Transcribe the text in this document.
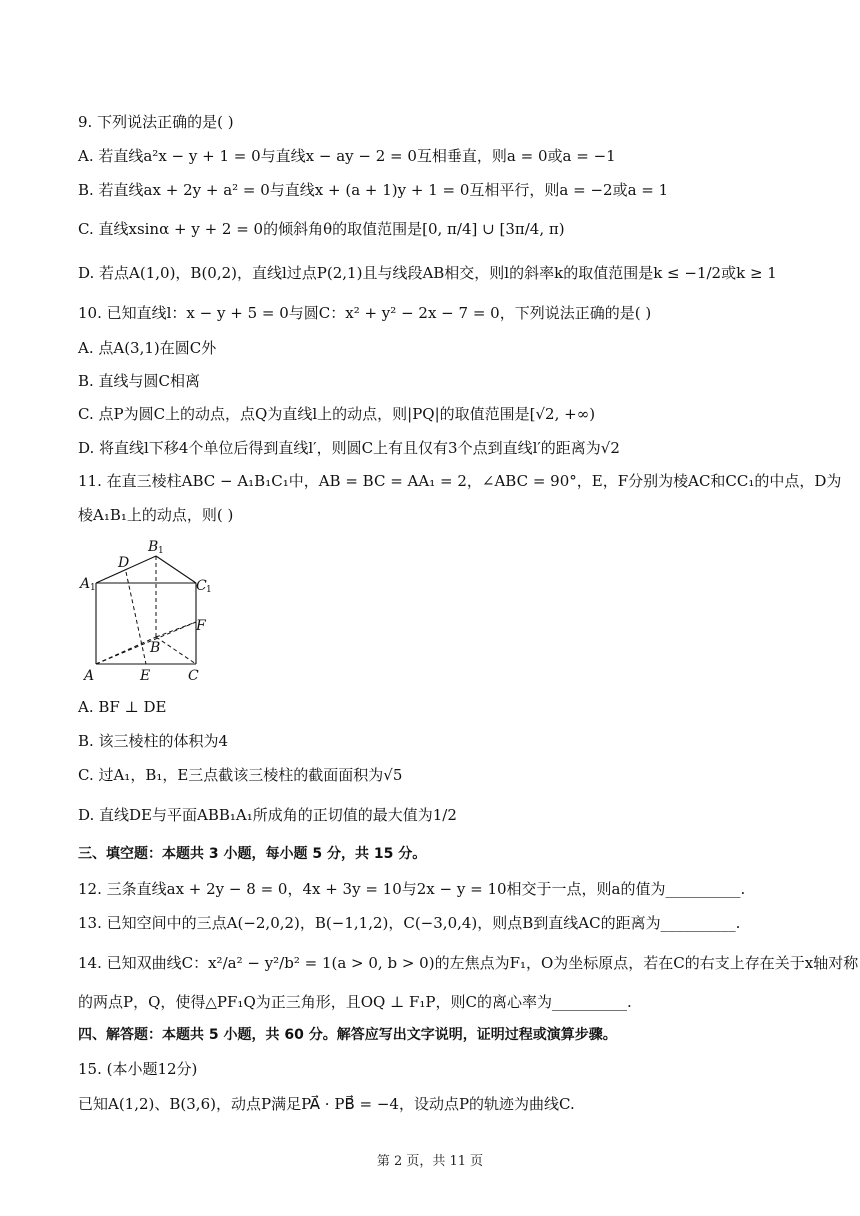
9. 下列说法正确的是( )
A. 若直线a²x − y + 1 = 0与直线x − ay − 2 = 0互相垂直，则a = 0或a = −1
B. 若直线ax + 2y + a² = 0与直线x + (a + 1)y + 1 = 0互相平行，则a = −2或a = 1
C. 直线xsinα + y + 2 = 0的倾斜角θ的取值范围是[0, π/4] ∪ [3π/4, π)
D. 若点A(1,0)，B(0,2)，直线l过点P(2,1)且与线段AB相交，则l的斜率k的取值范围是k ≤ −1/2或k ≥ 1
10. 已知直线l：x − y + 5 = 0与圆C：x² + y² − 2x − 7 = 0，下列说法正确的是( )
A. 点A(3,1)在圆C外
B. 直线与圆C相离
C. 点P为圆C上的动点，点Q为直线l上的动点，则|PQ|的取值范围是[√2, +∞)
D. 将直线l下移4个单位后得到直线l′，则圆C上有且仅有3个点到直线l′的距离为√2
11. 在直三棱柱ABC − A₁B₁C₁中，AB = BC = AA₁ = 2，∠ABC = 90°，E，F分别为棱AC和CC₁的中点，D为
棱A₁B₁上的动点，则( )
B 1
A 1	C 1
D
F
B
A	E	C
A. BF ⊥ DE
B. 该三棱柱的体积为4
C. 过A₁，B₁，E三点截该三棱柱的截面面积为√5
D. 直线DE与平面ABB₁A₁所成角的正切值的最大值为1/2
三、填空题：本题共 3 小题，每小题 5 分，共 15 分。
12. 三条直线ax + 2y − 8 = 0，4x + 3y = 10与2x − y = 10相交于一点，则a的值为__________.
13. 已知空间中的三点A(−2,0,2)，B(−1,1,2)，C(−3,0,4)，则点B到直线AC的距离为__________.
14. 已知双曲线C：x²/a² − y²/b² = 1(a > 0, b > 0)的左焦点为F₁，O为坐标原点，若在C的右支上存在关于x轴对称
的两点P，Q，使得△PF₁Q为正三角形，且OQ ⊥ F₁P，则C的离心率为__________.
四、解答题：本题共 5 小题，共 60 分。解答应写出文字说明，证明过程或演算步骤。
15. (本小题12分)
已知A(1,2)、B(3,6)，动点P满足PA⃗ · PB⃗ = −4，设动点P的轨迹为曲线C.
第 2 页，共 11 页
